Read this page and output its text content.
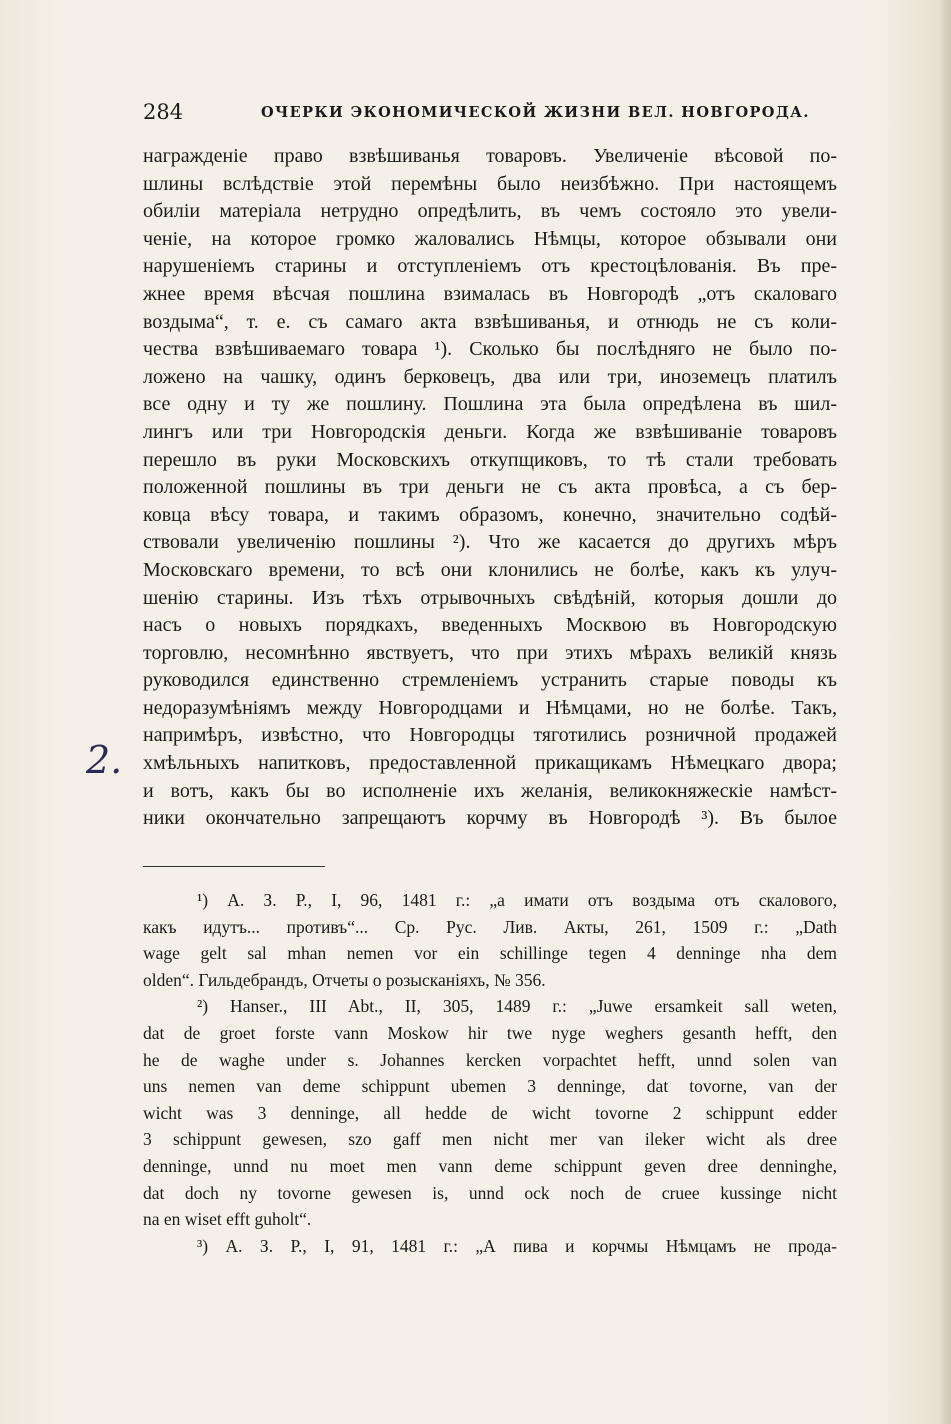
284	ОЧЕРКИ ЭКОНОМИЧЕСКОЙ ЖИЗНИ ВЕЛ. НОВГОРОДА.
2.
награжденіе право взвѣшиванья товаровъ. Увеличеніе вѣсовой по-
шлины вслѣдствіе этой перемѣны было неизбѣжно. При настоящемъ
обиліи матеріала нетрудно опредѣлить, въ чемъ состояло это увели-
ченіе, на которое громко жаловались Нѣмцы, которое обзывали они
нарушеніемъ старины и отступленіемъ отъ крестоцѣлованія. Въ пре-
жнее время вѣсчая пошлина взималась въ Новгородѣ „отъ скаловаго
воздыма“, т. е. съ самаго акта взвѣшиванья, и отнюдь не съ коли-
чества взвѣшиваемаго товара ¹). Сколько бы послѣдняго не было по-
ложено на чашку, одинъ берковецъ, два или три, иноземецъ платилъ
все одну и ту же пошлину. Пошлина эта была опредѣлена въ шил-
лингъ или три Новгородскія деньги. Когда же взвѣшиваніе товаровъ
перешло въ руки Московскихъ откупщиковъ, то тѣ стали требовать
положенной пошлины въ три деньги не съ акта провѣса, а съ бер-
ковца вѣсу товара, и такимъ образомъ, конечно, значительно содѣй-
ствовали увеличенію пошлины ²). Что же касается до другихъ мѣръ
Московскаго времени, то всѣ они клонились не болѣе, какъ къ улуч-
шенію старины. Изъ тѣхъ отрывочныхъ свѣдѣній, которыя дошли до
насъ о новыхъ порядкахъ, введенныхъ Москвою въ Новгородскую
торговлю, несомнѣнно явствуетъ, что при этихъ мѣрахъ великій князь
руководился единственно стремленіемъ устранить старые поводы къ
недоразумѣніямъ между Новгородцами и Нѣмцами, но не болѣе. Такъ,
напримѣръ, извѣстно, что Новгородцы тяготились розничной продажей
хмѣльныхъ напитковъ, предоставленной прикащикамъ Нѣмецкаго двора;
и вотъ, какъ бы во исполненіе ихъ желанія, великокняжескіе намѣст-
ники окончательно запрещаютъ корчму въ Новгородѣ ³). Въ былое
¹) А. З. Р., I, 96, 1481 г.: „а имати отъ воздыма отъ скаловoго,
какъ идутъ... противъ“... Ср. Рус. Лив. Акты, 261, 1509 г.: „Dath
wage gelt sal mhan nemen vor ein schillinge tegen 4 denninge nha dem
olden“. Гильдебрандъ, Отчеты о розысканіяхъ, № 356.
²) Hanser., III Abt., II, 305, 1489 г.: „Juwe ersamkeit sall weten,
dat de groet forste vann Moskow hir twe nyge weghers gesanth hefft, den
he de waghe under s. Johannes kercken vorpachtet hefft, unnd solen van
uns nemen van deme schippunt ubemen 3 denninge, dat tovorne, van der
wicht was 3 denninge, all hedde de wicht tovorne 2 schippunt edder
3 schippunt gewesen, szo gaff men nicht mer van ileker wicht als dree
denninge, unnd nu moet men vann deme schippunt geven dree denninghe,
dat doch ny tovorne gewesen is, unnd ock noch de cruee kussinge nicht
na en wiset efft guholt“.
³) А. З. Р., I, 91, 1481 г.: „А пива и корчмы Нѣмцамъ не прода-
